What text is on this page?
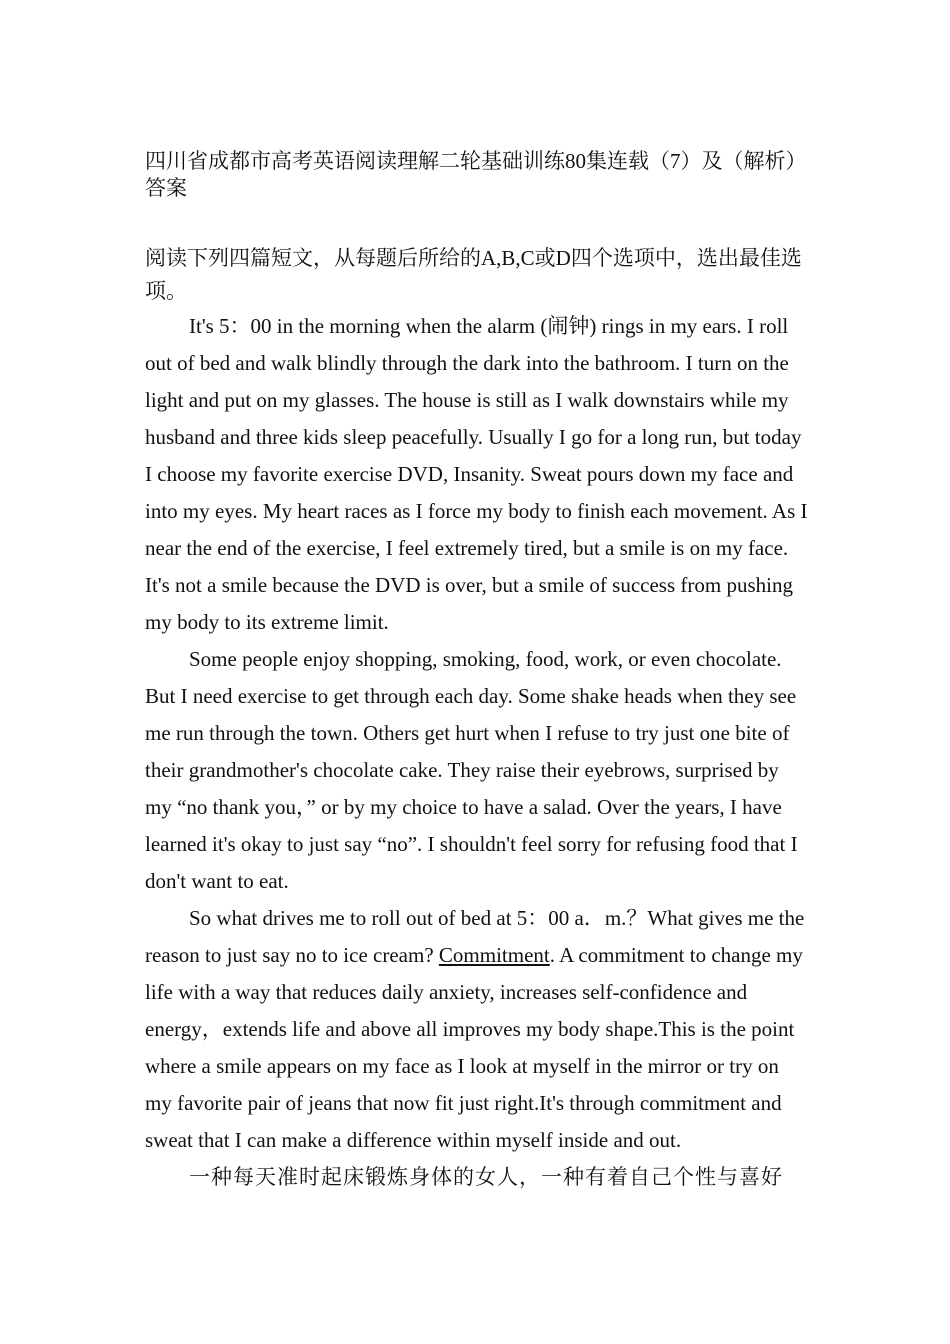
四川省成都市高考英语阅读理解二轮基础训练80集连载（7）及（解析）答案

阅读下列四篇短文，从每题后所给的A,B,C或D四个选项中，选出最佳选项。

It's 5：00 in the morning when the alarm (闹钟) rings in my ears. I roll out of bed and walk blindly through the dark into the bathroom. I turn on the light and put on my glasses. The house is still as I walk downstairs while my husband and three kids sleep peacefully. Usually I go for a long run, but today I choose my favorite exercise DVD, Insanity. Sweat pours down my face and into my eyes. My heart races as I force my body to finish each movement. As I near the end of the exercise, I feel extremely tired, but a smile is on my face. It's not a smile because the DVD is over, but a smile of success from pushing my body to its extreme limit.

Some people enjoy shopping, smoking, food, work, or even chocolate. But I need exercise to get through each day. Some shake heads when they see me run through the town. Others get hurt when I refuse to try just one bite of their grandmother's chocolate cake. They raise their eyebrows, surprised by my “no thank you，” or by my choice to have a salad. Over the years, I have learned it's okay to just say “no”. I shouldn't feel sorry for refusing food that I don't want to eat.

So what drives me to roll out of bed at 5：00 a．m.？What gives me the reason to just say no to ice cream? Commitment. A commitment to change my life with a way that reduces daily anxiety, increases self-confidence and energy，extends life and above all improves my body shape.This is the point where a smile appears on my face as I look at myself in the mirror or try on my favorite pair of jeans that now fit just right.It's through commitment and sweat that I can make a difference within myself inside and out.

一种每天准时起床锻炼身体的女人，一种有着自己个性与喜好
